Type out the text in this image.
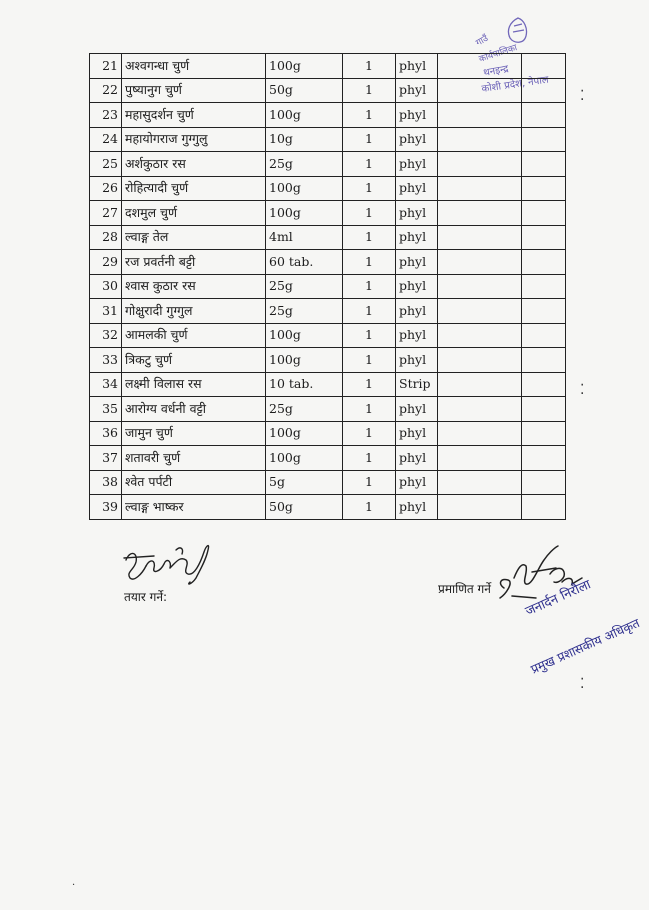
गाउँ
कार्यपालिका
थनइन्द्र
कोशी प्रदेश, नेपाल
21	अश्वगन्धा चुर्ण	100g	1	phyl		
22	पुष्यानुग चुर्ण	50g	1	phyl		
23	महासुदर्शन चुर्ण	100g	1	phyl		
24	महायोगराज गुग्गुलु	10g	1	phyl		
25	अर्शकुठार रस	25g	1	phyl		
26	रोहित्यादी चुर्ण	100g	1	phyl		
27	दशमुल चुर्ण	100g	1	phyl		
28	ल्वाङ्ग तेल	4ml	1	phyl		
29	रज प्रवर्तनी बट्टी	60 tab.	1	phyl		
30	श्वास कुठार रस	25g	1	phyl		
31	गोक्षुरादी गुग्गुल	25g	1	phyl		
32	आमलकी चुर्ण	100g	1	phyl		
33	त्रिकटु चुर्ण	100g	1	phyl		
34	लक्ष्मी विलास रस	10 tab.	1	Strip		
35	आरोग्य वर्धनी वट्टी	25g	1	phyl		
36	जामुन चुर्ण	100g	1	phyl		
37	शतावरी चुर्ण	100g	1	phyl		
38	श्वेत पर्पटी	5g	1	phyl		
39	ल्वाङ्ग भाष्कर	50g	1	phyl		
तयार गर्ने:
प्रमाणित गर्ने जनार्दन निरौला
प्रमुख प्रशासकीय अधिकृत
⁚
⁚
⁚
·
